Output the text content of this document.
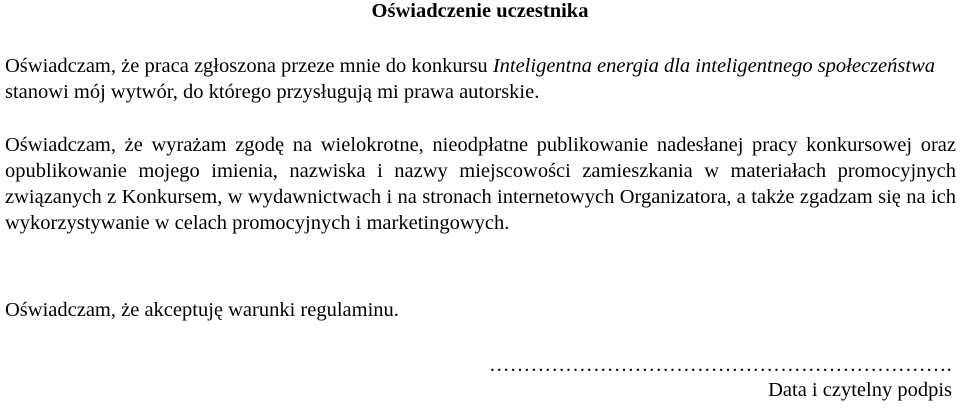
Oświadczenie uczestnika

Oświadczam, że praca zgłoszona przeze mnie do konkursu Inteligentna energia dla inteligentnego społeczeństwa stanowi mój wytwór, do którego przysługują mi prawa autorskie.

Oświadczam, że wyrażam zgodę na wielokrotne, nieodpłatne publikowanie nadesłanej pracy konkursowej oraz opublikowanie mojego imienia, nazwiska i nazwy miejscowości zamieszkania w materiałach promocyjnych związanych z Konkursem, w wydawnictwach i na stronach internetowych Organizatora, a także zgadzam się na ich wykorzystywanie w celach promocyjnych i marketingowych.

Oświadczam, że akceptuję warunki regulaminu.

………………………………………………………….
Data i czytelny podpis
